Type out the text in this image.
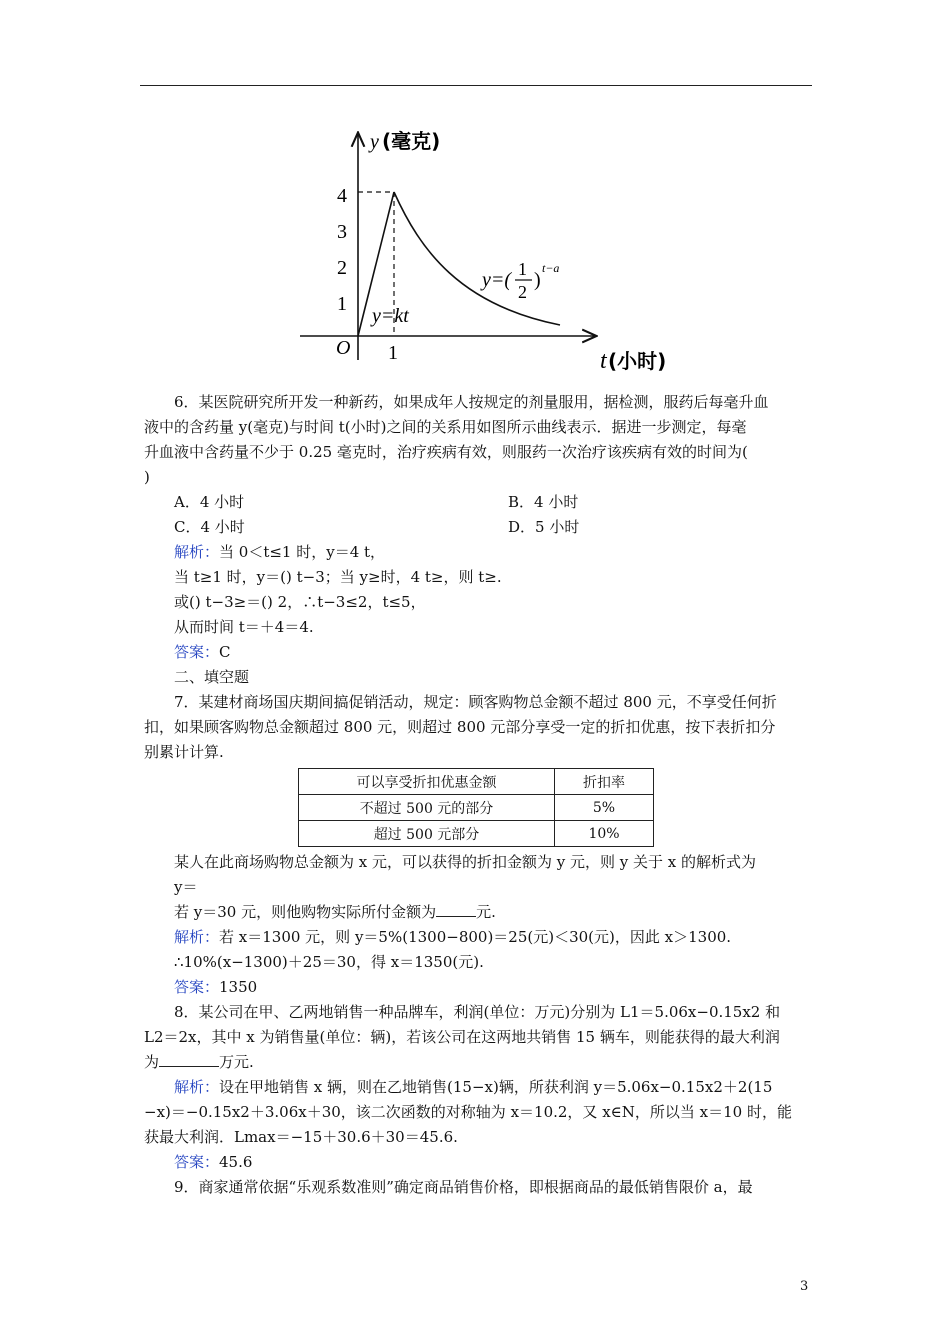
y (毫克)
t (小时)
O
4
3
2
1
1
y=kt
y=( 1
2
)
t−a
6．某医院研究所开发一种新药，如果成年人按规定的剂量服用，据检测，服药后每毫升血
液中的含药量 y(毫克)与时间 t(小时)之间的关系用如图所示曲线表示．据进一步测定，每毫
升血液中含药量不少于 0.25 毫克时，治疗疾病有效，则服药一次治疗该疾病有效的时间为(
)
A．4 小时	B．4 小时
C．4 小时	D．5 小时
解析：当 0＜t≤1 时，y＝4 t，
当 t≥1 时，y＝() t−3；当 y≥时，4 t≥，则 t≥.
或() t−3≥＝() 2，∴t−3≤2，t≤5，
从而时间 t＝＋4＝4.
答案：C
二、填空题
7．某建材商场国庆期间搞促销活动，规定：顾客购物总金额不超过 800 元，不享受任何折
扣，如果顾客购物总金额超过 800 元，则超过 800 元部分享受一定的折扣优惠，按下表折扣分
别累计计算.
可以享受折扣优惠金额	折扣率
不超过 500 元的部分	5%
超过 500 元部分	10%
某人在此商场购物总金额为 x 元，可以获得的折扣金额为 y 元，则 y 关于 x 的解析式为
y＝
若 y＝30 元，则他购物实际所付金额为	元.
解析：若 x＝1300 元，则 y＝5%(1300−800)＝25(元)＜30(元)，因此 x＞1300.
∴10%(x−1300)＋25＝30，得 x＝1350(元).
答案：1350
8．某公司在甲、乙两地销售一种品牌车，利润(单位：万元)分别为 L1＝5.06x−0.15x2 和
L2＝2x，其中 x 为销售量(单位：辆)，若该公司在这两地共销售 15 辆车，则能获得的最大利润
为	万元.
解析：设在甲地销售 x 辆，则在乙地销售(15−x)辆，所获利润 y＝5.06x−0.15x2＋2(15
−x)＝−0.15x2＋3.06x＋30，该二次函数的对称轴为 x＝10.2，又 x∈N，所以当 x＝10 时，能
获最大利润．Lmax＝−15＋30.6＋30＝45.6.
答案：45.6
9．商家通常依据“乐观系数准则”确定商品销售价格，即根据商品的最低销售限价 a，最
3
